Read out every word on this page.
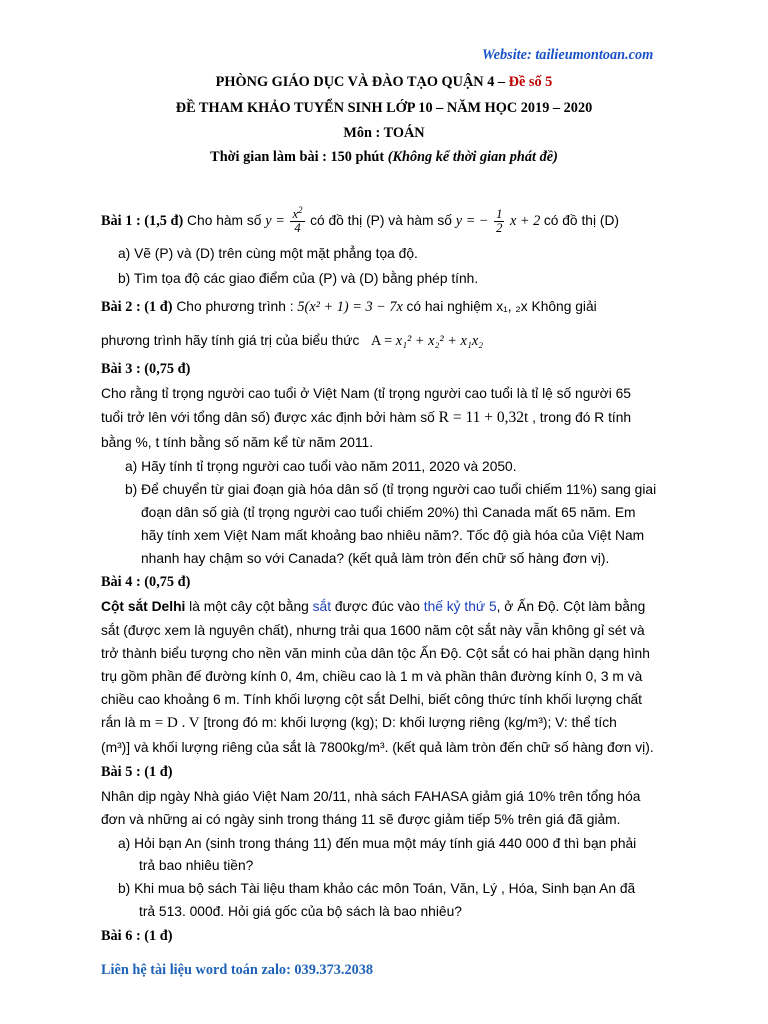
Website: tailieumontoan.com
PHÒNG GIÁO DỤC VÀ ĐÀO TẠO QUẬN 4 – Đề số 5
ĐỀ THAM KHẢO TUYỂN SINH LỚP 10 – NĂM HỌC 2019 – 2020
Môn : TOÁN
Thời gian làm bài : 150 phút (Không kể thời gian phát đề)
Bài 1 : (1,5 đ) Cho hàm số $y = \frac{x^2}{4}$ có đồ thị (P) và hàm số y = − $\frac{1}{2}$ x + 2 có đồ thị (D)
a) Vẽ (P) và (D) trên cùng một mặt phẳng tọa độ.
b) Tìm tọa độ các giao điểm của (P) và (D) bằng phép tính.
Bài 2 : (1 đ) Cho phương trình : 5(x² + 1) = 3 − 7x có hai nghiệm x₁, ₂x Không giải
phương trình hãy tính giá trị của biểu thức A = x₁² + x₂² + x₁x₂
Bài 3 : (0,75 đ)
Cho rằng tỉ trọng người cao tuổi ở Việt Nam (tỉ trọng người cao tuổi là tỉ lệ số người 65
tuổi trở lên với tổng dân số) được xác định bởi hàm số R = 11 + 0,32t , trong đó R tính
bằng %, t tính bằng số năm kể từ năm 2011.
a) Hãy tính tỉ trọng người cao tuổi vào năm 2011, 2020 và 2050.
b) Để chuyển từ giai đoạn già hóa dân số (tỉ trọng người cao tuổi chiếm 11%) sang giai
đoạn dân số già (tỉ trọng người cao tuổi chiếm 20%) thì Canada mất 65 năm. Em
hãy tính xem Việt Nam mất khoảng bao nhiêu năm?. Tốc độ già hóa của Việt Nam
nhanh hay chậm so với Canada? (kết quả làm tròn đến chữ số hàng đơn vị).
Bài 4 : (0,75 đ)
Cột sắt Delhi là một cây cột bằng sắt được đúc vào thế kỷ thứ 5, ở Ấn Độ. Cột làm bằng
sắt (được xem là nguyên chất), nhưng trải qua 1600 năm cột sắt này vẫn không gỉ sét và
trở thành biểu tượng cho nền văn minh của dân tộc Ấn Độ. Cột sắt có hai phần dạng hình
trụ gồm phần đế đường kính 0, 4m, chiều cao là 1 m và phần thân đường kính 0, 3 m và
chiều cao khoảng 6 m. Tính khối lượng cột sắt Delhi, biết công thức tính khối lượng chất
rắn là m = D . V [trong đó m: khối lượng (kg); D: khối lượng riêng (kg/m³); V: thể tích
(m³)] và khối lượng riêng của sắt là 7800kg/m³. (kết quả làm tròn đến chữ số hàng đơn vị).
Bài 5 : (1 đ)
Nhân dịp ngày Nhà giáo Việt Nam 20/11, nhà sách FAHASA giảm giá 10% trên tổng hóa
đơn và những ai có ngày sinh trong tháng 11 sẽ được giảm tiếp 5% trên giá đã giảm.
a) Hỏi bạn An (sinh trong tháng 11) đến mua một máy tính giá 440 000 đ thì bạn phải
trả bao nhiêu tiền?
b) Khi mua bộ sách Tài liệu tham khảo các môn Toán, Văn, Lý , Hóa, Sinh bạn An đã
trả 513. 000đ. Hỏi giá gốc của bộ sách là bao nhiêu?
Bài 6 : (1 đ)
Liên hệ tài liệu word toán zalo: 039.373.2038
